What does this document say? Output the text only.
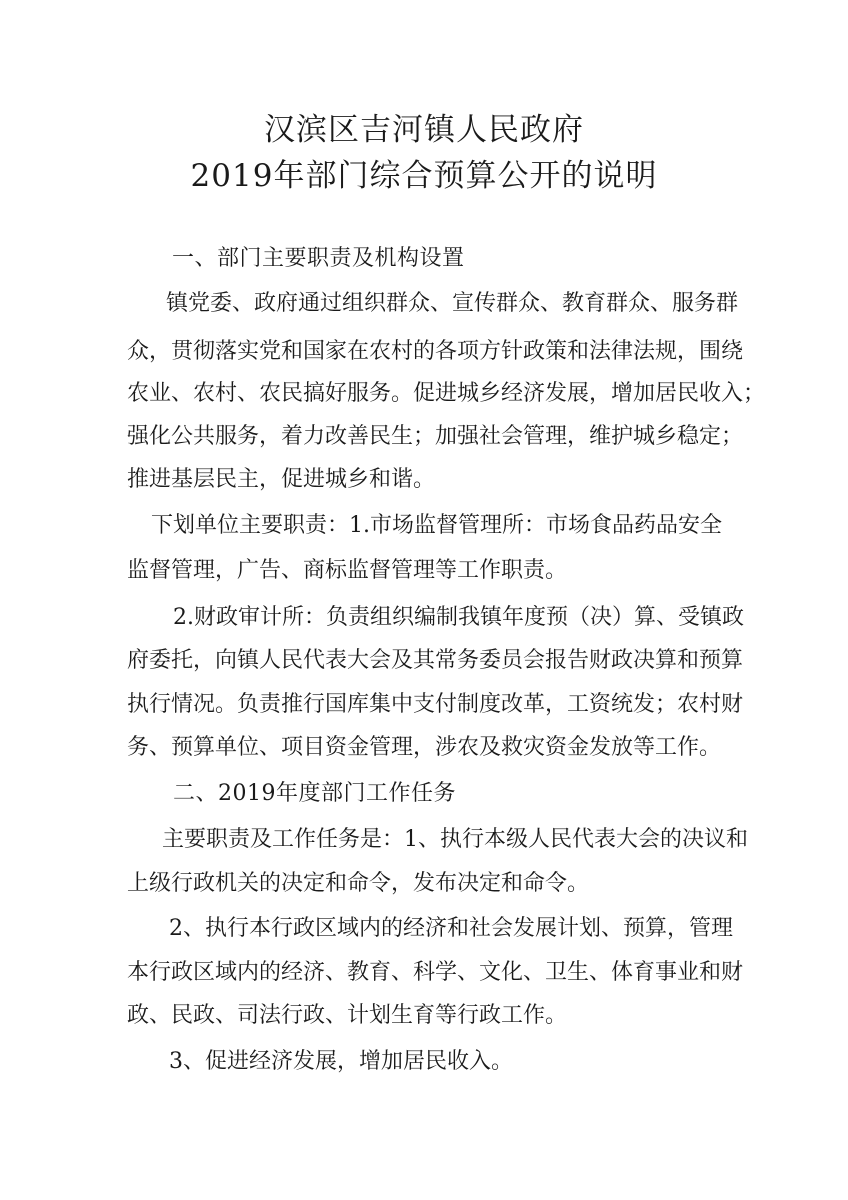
汉滨区吉河镇人民政府
2019年部门综合预算公开的说明
一、部门主要职责及机构设置
镇党委、政府通过组织群众、宣传群众、教育群众、服务群
众，贯彻落实党和国家在农村的各项方针政策和法律法规，围绕
农业、农村、农民搞好服务。促进城乡经济发展，增加居民收入；
强化公共服务，着力改善民生；加强社会管理，维护城乡稳定；
推进基层民主，促进城乡和谐。
下划单位主要职责：1.市场监督管理所：市场食品药品安全
监督管理，广告、商标监督管理等工作职责。
2.财政审计所：负责组织编制我镇年度预（决）算、受镇政
府委托，向镇人民代表大会及其常务委员会报告财政决算和预算
执行情况。负责推行国库集中支付制度改革，工资统发；农村财
务、预算单位、项目资金管理，涉农及救灾资金发放等工作。
二、2019年度部门工作任务
主要职责及工作任务是：1、执行本级人民代表大会的决议和
上级行政机关的决定和命令，发布决定和命令。
2、执行本行政区域内的经济和社会发展计划、预算，管理
本行政区域内的经济、教育、科学、文化、卫生、体育事业和财
政、民政、司法行政、计划生育等行政工作。
3、促进经济发展，增加居民收入。
